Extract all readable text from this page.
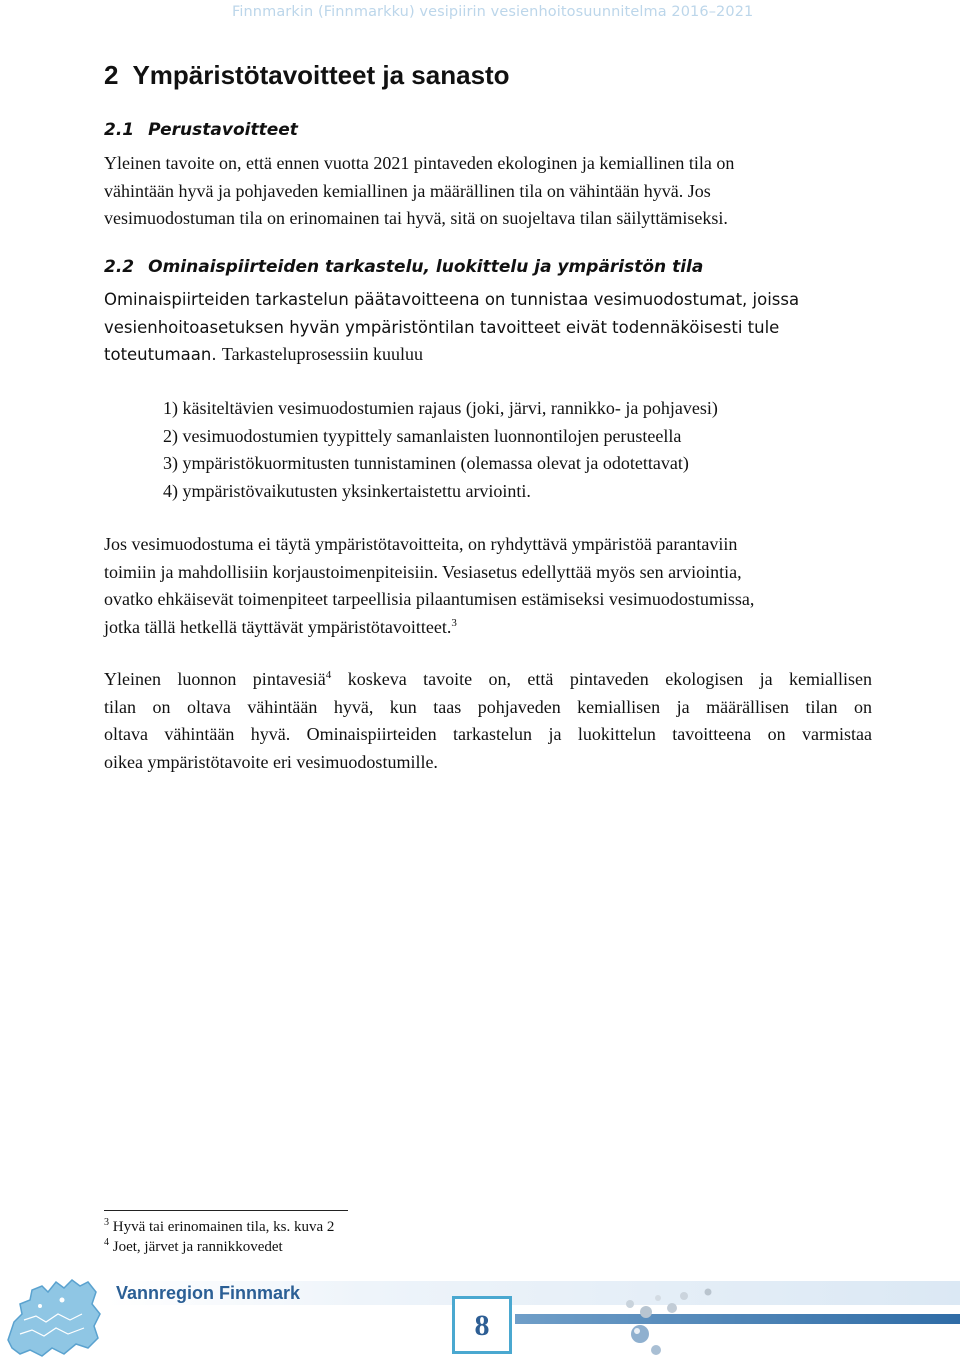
Finnmarkin (Finnmarkku) vesipiirin vesienhoitosuunnitelma 2016–2021
2 Ympäristötavoitteet ja sanasto
2.1 Perustavoitteet
Yleinen tavoite on, että ennen vuotta 2021 pintaveden ekologinen ja kemiallinen tila on
vähintään hyvä ja pohjaveden kemiallinen ja määrällinen tila on vähintään hyvä. Jos
vesimuodostuman tila on erinomainen tai hyvä, sitä on suojeltava tilan säilyttämiseksi.
2.2 Ominaispiirteiden tarkastelu, luokittelu ja ympäristön tila
Ominaispiirteiden tarkastelun päätavoitteena on tunnistaa vesimuodostumat, joissa
vesienhoitoasetuksen hyvän ympäristöntilan tavoitteet eivät todennäköisesti tule
toteutumaan. Tarkasteluprosessiin kuuluu
1) käsiteltävien vesimuodostumien rajaus (joki, järvi, rannikko- ja pohjavesi)
2) vesimuodostumien tyypittely samanlaisten luonnontilojen perusteella
3) ympäristökuormitusten tunnistaminen (olemassa olevat ja odotettavat)
4) ympäristövaikutusten yksinkertaistettu arviointi.
Jos vesimuodostuma ei täytä ympäristötavoitteita, on ryhdyttävä ympäristöä parantaviin
toimiin ja mahdollisiin korjaustoimenpiteisiin. Vesiasetus edellyttää myös sen arviointia,
ovatko ehkäisevät toimenpiteet tarpeellisia pilaantumisen estämiseksi vesimuodostumissa,
jotka tällä hetkellä täyttävät ympäristötavoitteet.$^3$
Yleinen luonnon pintavesiä$^4$ koskeva tavoite on, että pintaveden ekologisen ja kemiallisen
tilan on oltava vähintään hyvä, kun taas pohjaveden kemiallisen ja määrällisen tilan on
oltava vähintään hyvä. Ominaispiirteiden tarkastelun ja luokittelun tavoitteena on varmistaa
oikea ympäristötavoite eri vesimuodostumille.
$^3$ Hyvä tai erinomainen tila, ks. kuva 2
$^4$ Joet, järvet ja rannikkovedet
Vannregion Finnmark
8
